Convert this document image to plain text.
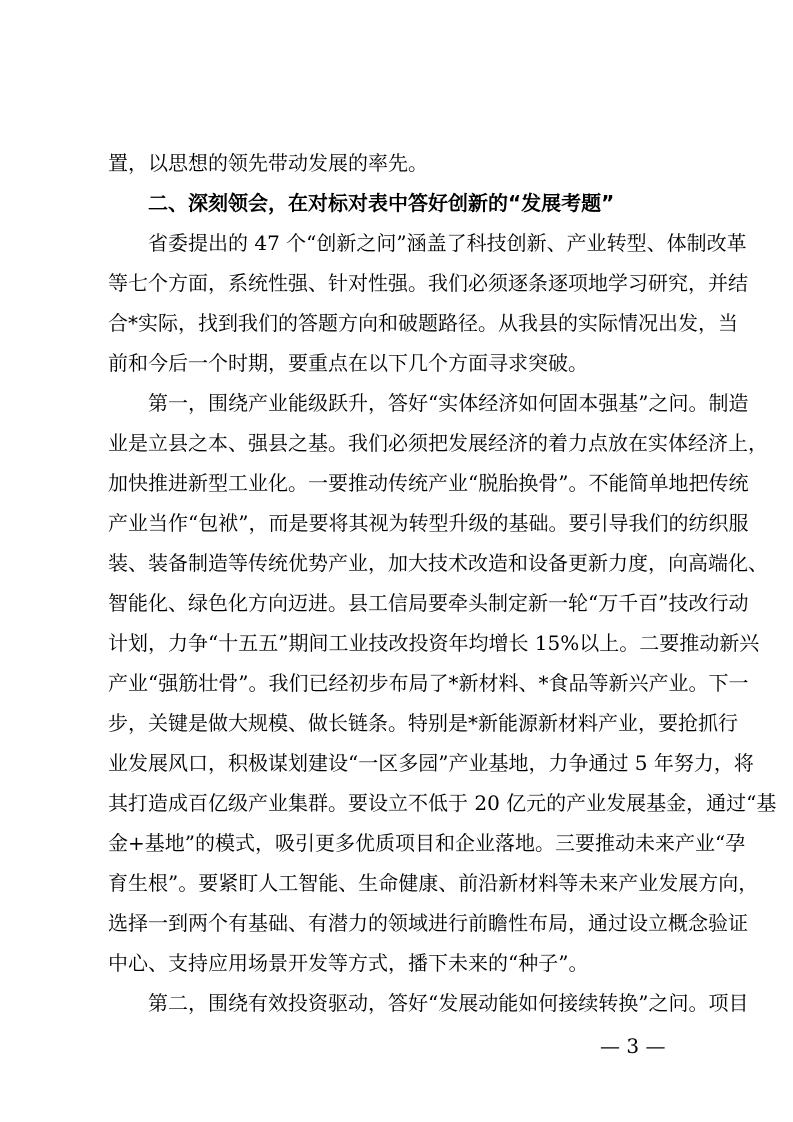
置，以思想的领先带动发展的率先。
二、深刻领会，在对标对表中答好创新的“发展考题”
省委提出的 47 个“创新之问”涵盖了科技创新、产业转型、体制改革
等七个方面，系统性强、针对性强。我们必须逐条逐项地学习研究，并结
合*实际，找到我们的答题方向和破题路径。从我县的实际情况出发，当
前和今后一个时期，要重点在以下几个方面寻求突破。
第一，围绕产业能级跃升，答好“实体经济如何固本强基”之问。制造
业是立县之本、强县之基。我们必须把发展经济的着力点放在实体经济上，
加快推进新型工业化。一要推动传统产业“脱胎换骨”。不能简单地把传统
产业当作“包袱”，而是要将其视为转型升级的基础。要引导我们的纺织服
装、装备制造等传统优势产业，加大技术改造和设备更新力度，向高端化、
智能化、绿色化方向迈进。县工信局要牵头制定新一轮“万千百”技改行动
计划，力争“十五五”期间工业技改投资年均增长 15%以上。二要推动新兴
产业“强筋壮骨”。我们已经初步布局了*新材料、*食品等新兴产业。下一
步，关键是做大规模、做长链条。特别是*新能源新材料产业，要抢抓行
业发展风口，积极谋划建设“一区多园”产业基地，力争通过 5 年努力，将
其打造成百亿级产业集群。要设立不低于 20 亿元的产业发展基金，通过“基
金+基地”的模式，吸引更多优质项目和企业落地。三要推动未来产业“孕
育生根”。要紧盯人工智能、生命健康、前沿新材料等未来产业发展方向，
选择一到两个有基础、有潜力的领域进行前瞻性布局，通过设立概念验证
中心、支持应用场景开发等方式，播下未来的“种子”。
第二，围绕有效投资驱动，答好“发展动能如何接续转换”之问。项目
— 3 —
